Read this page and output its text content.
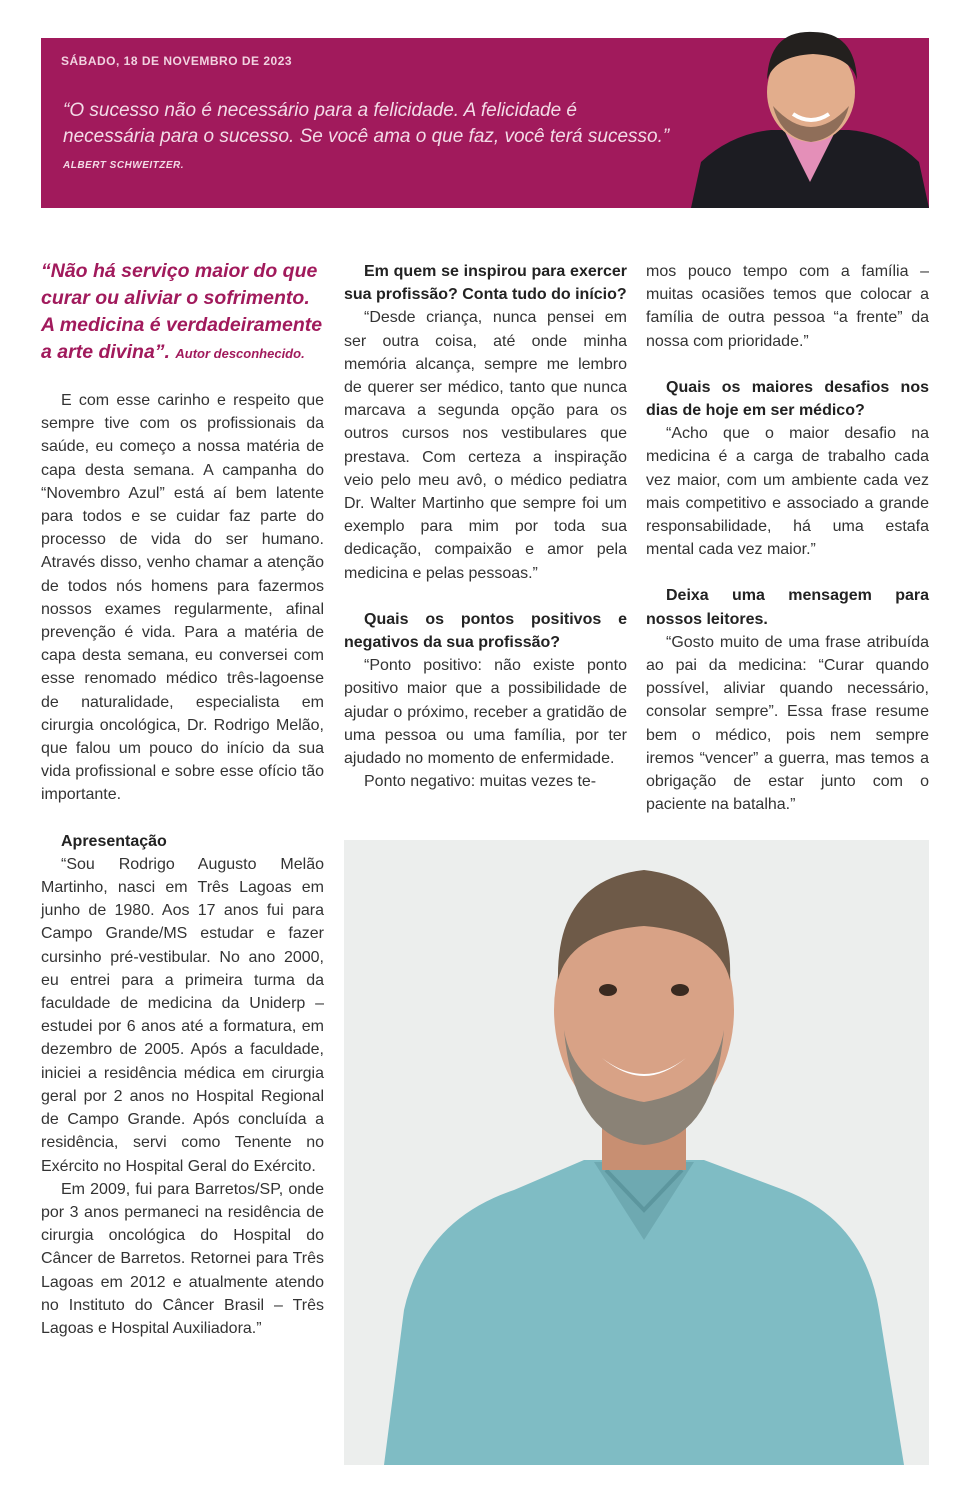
SÁBADO, 18 DE NOVEMBRO DE 2023
“O sucesso não é necessário para a felicidade. A felicidade é necessária para o sucesso. Se você ama o que faz, você terá sucesso.” ALBERT SCHWEITZER.

“Não há serviço maior do que curar ou aliviar o sofrimento. A medicina é verdadeiramente a arte divina”. Autor desconhecido.

E com esse carinho e respeito que sempre tive com os profissionais da saúde, eu começo a nossa matéria de capa desta semana. A campanha do “Novembro Azul” está aí bem latente para todos e se cuidar faz parte do processo de vida do ser humano. Através disso, venho chamar a atenção de todos nós homens para fazermos nossos exames regularmente, afinal prevenção é vida. Para a matéria de capa desta semana, eu conversei com esse renomado médico três-lagoense de naturalidade, especialista em cirurgia oncológica, Dr. Rodrigo Melão, que falou um pouco do início da sua vida profissional e sobre esse ofício tão importante.

Apresentação

“Sou Rodrigo Augusto Melão Martinho, nasci em Três Lagoas em junho de 1980. Aos 17 anos fui para Campo Grande/MS estudar e fazer cursinho pré-vestibular. No ano 2000, eu entrei para a primeira turma da faculdade de medicina da Uniderp – estudei por 6 anos até a formatura, em dezembro de 2005. Após a faculdade, iniciei a residência médica em cirurgia geral por 2 anos no Hospital Regional de Campo Grande. Após concluída a residência, servi como Tenente no Exército no Hospital Geral do Exército.

Em 2009, fui para Barretos/SP, onde por 3 anos permaneci na residência de cirurgia oncológica do Hospital do Câncer de Barretos. Retornei para Três Lagoas em 2012 e atualmente atendo no Instituto do Câncer Brasil – Três Lagoas e Hospital Auxiliadora.”

Em quem se inspirou para exercer sua profissão? Conta tudo do início?

“Desde criança, nunca pensei em ser outra coisa, até onde minha memória alcança, sempre me lembro de querer ser médico, tanto que nunca marcava a segunda opção para os outros cursos nos vestibulares que prestava. Com certeza a inspiração veio pelo meu avô, o médico pediatra Dr. Walter Martinho que sempre foi um exemplo para mim por toda sua dedicação, compaixão e amor pela medicina e pelas pessoas.”

Quais os pontos positivos e negativos da sua profissão?

“Ponto positivo: não existe ponto positivo maior que a possibilidade de ajudar o próximo, receber a gratidão de uma pessoa ou uma família, por ter ajudado no momento de enfermidade.

Ponto negativo: muitas vezes te-

mos pouco tempo com a família – muitas ocasiões temos que colocar a família de outra pessoa “a frente” da nossa com prioridade.”

Quais os maiores desafios nos dias de hoje em ser médico?

“Acho que o maior desafio na medicina é a carga de trabalho cada vez maior, com um ambiente cada vez mais competitivo e associado a grande responsabilidade, há uma estafa mental cada vez maior.”

Deixa uma mensagem para nossos leitores.

“Gosto muito de uma frase atribuída ao pai da medicina: “Curar quando possível, aliviar quando necessário, consolar sempre”. Essa frase resume bem o médico, pois nem sempre iremos “vencer” a guerra, mas temos a obrigação de estar junto com o paciente na batalha.”
